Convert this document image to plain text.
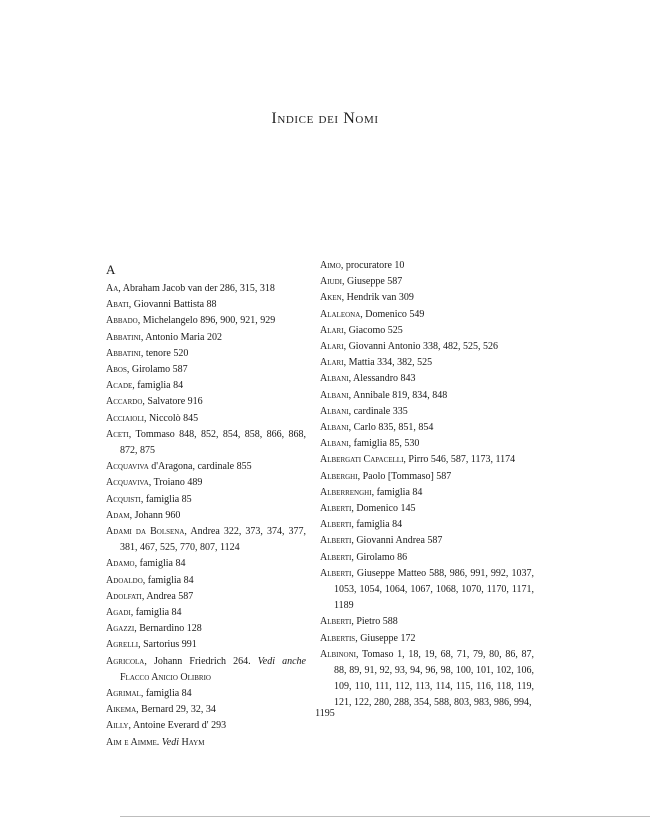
Indice dei Nomi
A
Aa, Abraham Jacob van der 286, 315, 318
Abati, Giovanni Battista 88
Abbado, Michelangelo 896, 900, 921, 929
Abbatini, Antonio Maria 202
Abbatini, tenore 520
Abos, Girolamo 587
Acade, famiglia 84
Accardo, Salvatore 916
Acciaioli, Niccolò 845
Aceti, Tommaso 848, 852, 854, 858, 866, 868, 872, 875
Acquaviva d'Aragona, cardinale 855
Acquaviva, Troiano 489
Acquisti, famiglia 85
Adam, Johann 960
Adami da Bolsena, Andrea 322, 373, 374, 377, 381, 467, 525, 770, 807, 1124
Adamo, famiglia 84
Adoaldo, famiglia 84
Adolfati, Andrea 587
Agadi, famiglia 84
Agazzi, Bernardino 128
Agrelli, Sartorius 991
Agricola, Johann Friedrich 264. Vedi anche Flacco Anicio Olibrio
Agrimal, famiglia 84
Aikema, Bernard 29, 32, 34
Ailly, Antoine Everard d' 293
Aim e Aimme. Vedi Haym
Aimo, procuratore 10
Aiudi, Giuseppe 587
Aken, Hendrik van 309
Alaleona, Domenico 549
Alari, Giacomo 525
Alari, Giovanni Antonio 338, 482, 525, 526
Alari, Mattia 334, 382, 525
Albani, Alessandro 843
Albani, Annibale 819, 834, 848
Albani, cardinale 335
Albani, Carlo 835, 851, 854
Albani, famiglia 85, 530
Albergati Capacelli, Pirro 546, 587, 1173, 1174
Alberghi, Paolo [Tommaso] 587
Alberrenghi, famiglia 84
Alberti, Domenico 145
Alberti, famiglia 84
Alberti, Giovanni Andrea 587
Alberti, Girolamo 86
Alberti, Giuseppe Matteo 588, 986, 991, 992, 1037, 1053, 1054, 1064, 1067, 1068, 1070, 1170, 1171, 1189
Alberti, Pietro 588
Albertis, Giuseppe 172
Albinoni, Tomaso 1, 18, 19, 68, 71, 79, 80, 86, 87, 88, 89, 91, 92, 93, 94, 96, 98, 100, 101, 102, 106, 109, 110, 111, 112, 113, 114, 115, 116, 118, 119, 121, 122, 280, 288, 354, 588, 803, 983, 986, 994,
1195
